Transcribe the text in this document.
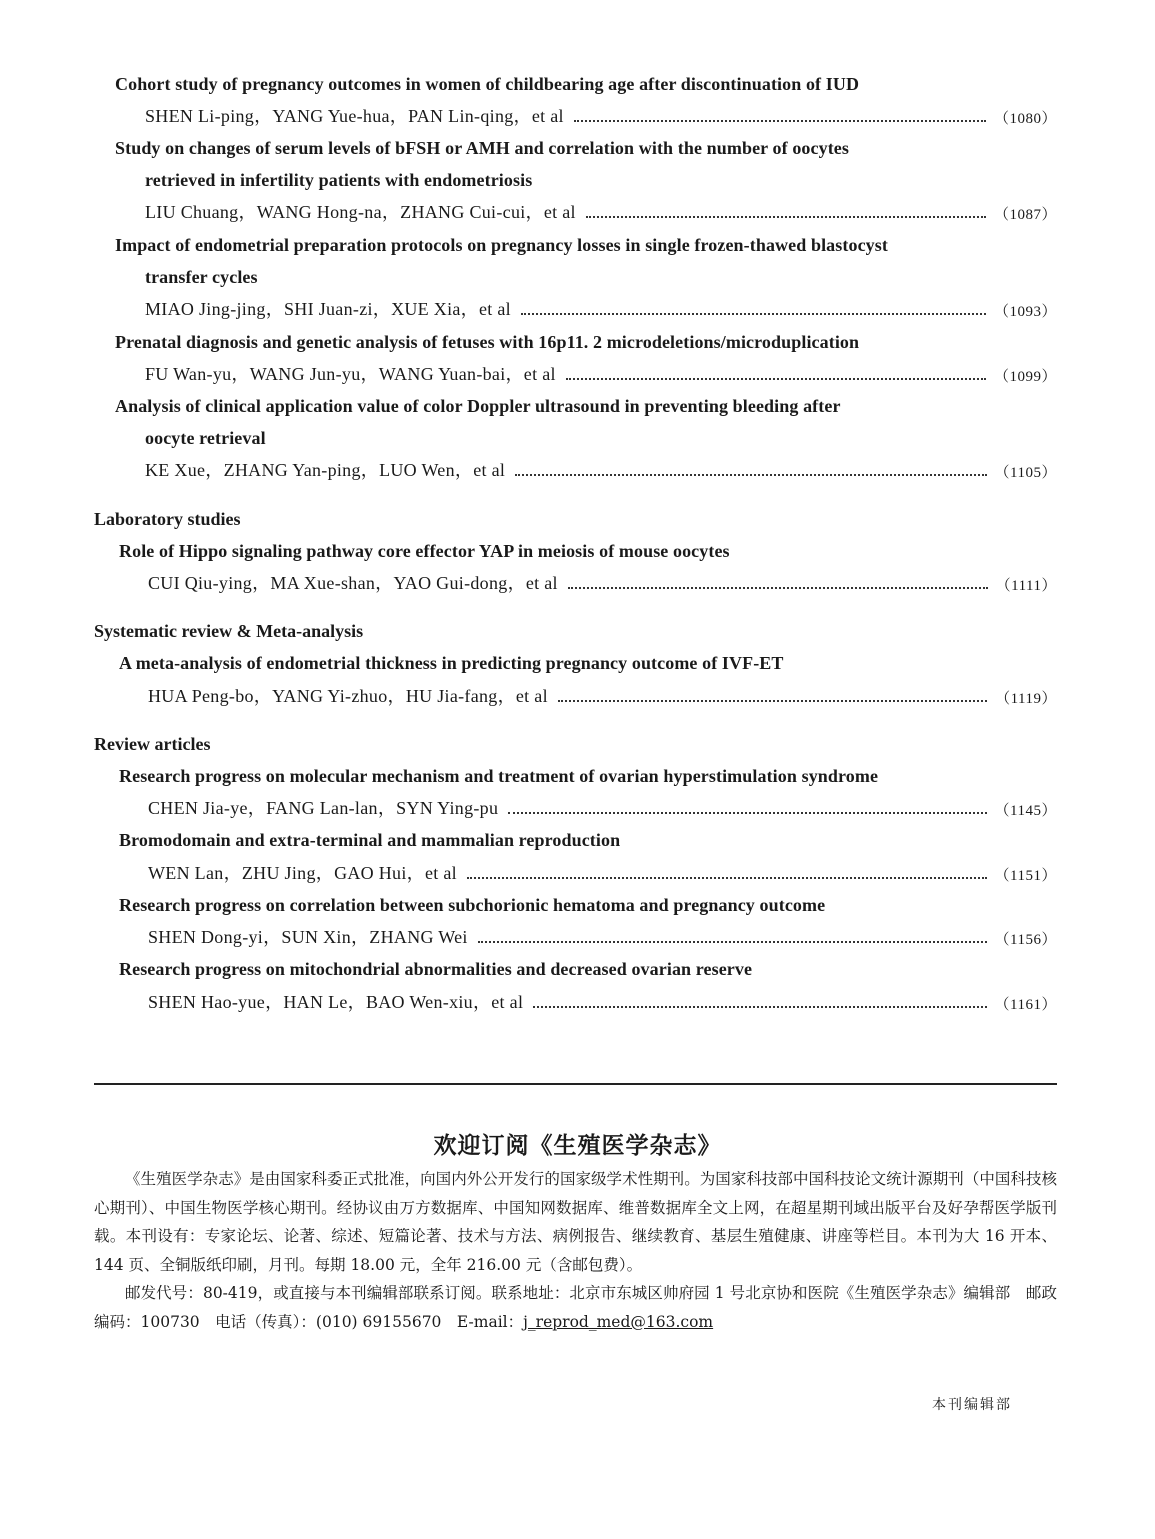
Cohort study of pregnancy outcomes in women of childbearing age after discontinuation of IUD
SHEN Li-ping，YANG Yue-hua，PAN Lin-qing，et al	（1080）
Study on changes of serum levels of bFSH or AMH and correlation with the number of oocytes
retrieved in infertility patients with endometriosis
LIU Chuang，WANG Hong-na，ZHANG Cui-cui，et al	（1087）
Impact of endometrial preparation protocols on pregnancy losses in single frozen-thawed blastocyst
transfer cycles
MIAO Jing-jing，SHI Juan-zi，XUE Xia，et al	（1093）
Prenatal diagnosis and genetic analysis of fetuses with 16p11. 2 microdeletions/microduplication
FU Wan-yu，WANG Jun-yu，WANG Yuan-bai，et al	（1099）
Analysis of clinical application value of color Doppler ultrasound in preventing bleeding after
oocyte retrieval
KE Xue，ZHANG Yan-ping，LUO Wen，et al	（1105）
Laboratory studies
Role of Hippo signaling pathway core effector YAP in meiosis of mouse oocytes
CUI Qiu-ying，MA Xue-shan，YAO Gui-dong，et al	（1111）
Systematic review & Meta-analysis
A meta-analysis of endometrial thickness in predicting pregnancy outcome of IVF-ET
HUA Peng-bo，YANG Yi-zhuo，HU Jia-fang，et al	（1119）
Review articles
Research progress on molecular mechanism and treatment of ovarian hyperstimulation syndrome
CHEN Jia-ye，FANG Lan-lan，SYN Ying-pu	（1145）
Bromodomain and extra-terminal and mammalian reproduction
WEN Lan，ZHU Jing，GAO Hui，et al	（1151）
Research progress on correlation between subchorionic hematoma and pregnancy outcome
SHEN Dong-yi，SUN Xin，ZHANG Wei	（1156）
Research progress on mitochondrial abnormalities and decreased ovarian reserve
SHEN Hao-yue，HAN Le，BAO Wen-xiu，et al	（1161）
欢迎订阅《生殖医学杂志》

《生殖医学杂志》是由国家科委正式批准，向国内外公开发行的国家级学术性期刊。为国家科技部中国科技论文统计源期刊（中国科技核心期刊）、中国生物医学核心期刊。经协议由万方数据库、中国知网数据库、维普数据库全文上网，在超星期刊域出版平台及好孕帮医学版刊载。本刊设有：专家论坛、论著、综述、短篇论著、技术与方法、病例报告、继续教育、基层生殖健康、讲座等栏目。本刊为大 16 开本、144 页、全铜版纸印刷，月刊。每期 18.00 元，全年 216.00 元（含邮包费）。

邮发代号：80-419，或直接与本刊编辑部联系订阅。联系地址：北京市东城区帅府园 1 号北京协和医院《生殖医学杂志》编辑部　邮政编码：100730　电话（传真）：(010) 69155670　E-mail：j_reprod_med@163.com

本刊编辑部
